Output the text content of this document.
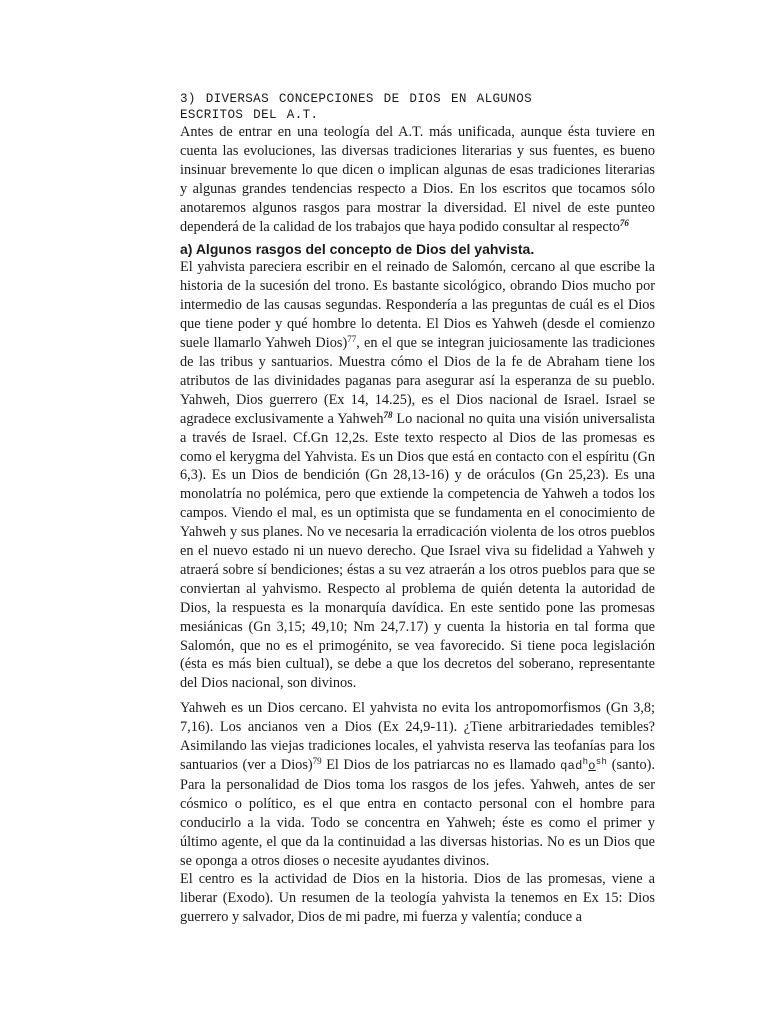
3) DIVERSAS CONCEPCIONES DE DIOS EN ALGUNOS
ESCRITOS DEL A.T.

Antes de entrar en una teología del A.T. más unificada, aunque ésta tuviere en cuenta las evoluciones, las diversas tradiciones literarias y sus fuentes, es bueno insinuar brevemente lo que dicen o implican algunas de esas tradiciones literarias y algunas grandes tendencias respecto a Dios. En los escritos que tocamos sólo anotaremos algunos rasgos para mostrar la diversidad. El nivel de este punteo dependerá de la calidad de los trabajos que haya podido consultar al respecto$^{76}$

a) Algunos rasgos del concepto de Dios del yahvista.

El yahvista pareciera escribir en el reinado de Salomón, cercano al que escribe la historia de la sucesión del trono. Es bastante sicológico, obrando Dios mucho por intermedio de las causas segundas. Respondería a las preguntas de cuál es el Dios que tiene poder y qué hombre lo detenta. El Dios es Yahweh (desde el comienzo suele llamarlo Yahweh Dios)$^{77}$, en el que se integran juiciosamente las tradiciones de las tribus y santuarios. Muestra cómo el Dios de la fe de Abraham tiene los atributos de las divinidades paganas para asegurar así la esperanza de su pueblo. Yahweh, Dios guerrero (Ex 14, 14.25), es el Dios nacional de Israel. Israel se agradece exclusivamente a Yahweh$^{78}$ Lo nacional no quita una visión universalista a través de Israel. Cf.Gn 12,2s. Este texto respecto al Dios de las promesas es como el kerygma del Yahvista. Es un Dios que está en contacto con el espíritu (Gn 6,3). Es un Dios de bendición (Gn 28,13-16) y de oráculos (Gn 25,23). Es una monolatría no polémica, pero que extiende la competencia de Yahweh a todos los campos. Viendo el mal, es un optimista que se fundamenta en el conocimiento de Yahweh y sus planes. No ve necesaria la erradicación violenta de los otros pueblos en el nuevo estado ni un nuevo derecho. Que Israel viva su fidelidad a Yahweh y atraerá sobre sí bendiciones; éstas a su vez atraerán a los otros pueblos para que se conviertan al yahvismo. Respecto al problema de quién detenta la autoridad de Dios, la respuesta es la monarquía davídica. En este sentido pone las promesas mesiánicas (Gn 3,15; 49,10; Nm 24,7.17) y cuenta la historia en tal forma que Salomón, que no es el primogénito, se vea favorecido. Si tiene poca legislación (ésta es más bien cultual), se debe a que los decretos del soberano, representante del Dios nacional, son divinos.

Yahweh es un Dios cercano. El yahvista no evita los antropomorfismos (Gn 3,8; 7,16). Los ancianos ven a Dios (Ex 24,9-11). ¿Tiene arbitrariedades temibles? Asimilando las viejas tradiciones locales, el yahvista reserva las teofanías para los santuarios (ver a Dios)$^{79}$ El Dios de los patriarcas no es llamado $qad^ho^{sh}$ (santo). Para la personalidad de Dios toma los rasgos de los jefes. Yahweh, antes de ser cósmico o político, es el que entra en contacto personal con el hombre para conducirlo a la vida. Todo se concentra en Yahweh; éste es como el primer y último agente, el que da la continuidad a las diversas historias. No es un Dios que se oponga a otros dioses o necesite ayudantes divinos.

El centro es la actividad de Dios en la historia. Dios de las promesas, viene a liberar (Exodo). Un resumen de la teología yahvista la tenemos en Ex 15: Dios guerrero y salvador, Dios de mi padre, mi fuerza y valentía; conduce a
